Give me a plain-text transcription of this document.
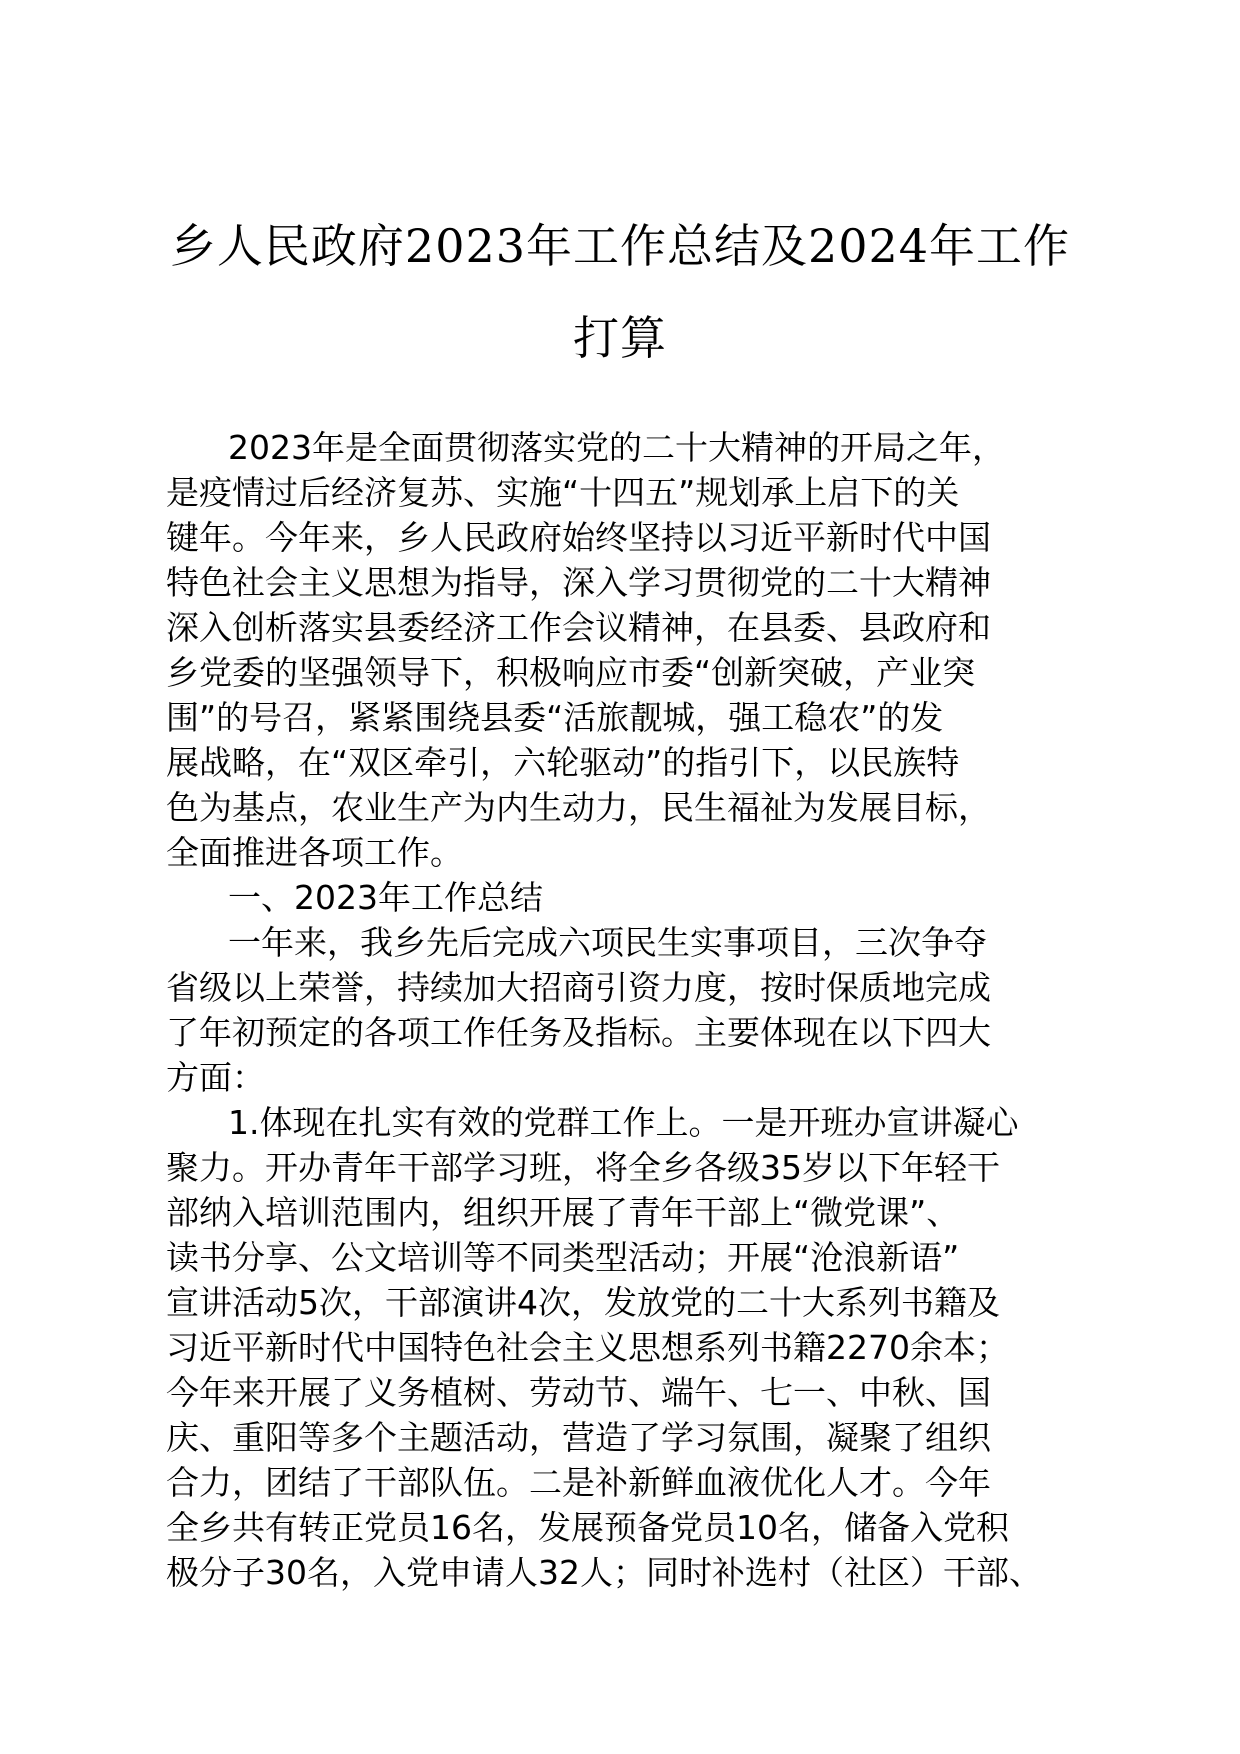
乡人民政府2023年工作总结及2024年工作
打算
2023年是全面贯彻落实党的二十大精神的开局之年，
是疫情过后经济复苏、实施“十四五”规划承上启下的关
键年。今年来，乡人民政府始终坚持以习近平新时代中国
特色社会主义思想为指导，深入学习贯彻党的二十大精神
深入创析落实县委经济工作会议精神，在县委、县政府和
乡党委的坚强领导下，积极响应市委“创新突破，产业突
围”的号召，紧紧围绕县委“活旅靓城，强工稳农”的发
展战略，在“双区牵引，六轮驱动”的指引下，以民族特
色为基点，农业生产为内生动力，民生福祉为发展目标，
全面推进各项工作。
一、2023年工作总结
一年来，我乡先后完成六项民生实事项目，三次争夺
省级以上荣誉，持续加大招商引资力度，按时保质地完成
了年初预定的各项工作任务及指标。主要体现在以下四大
方面：
1.体现在扎实有效的党群工作上。一是开班办宣讲凝心
聚力。开办青年干部学习班，将全乡各级35岁以下年轻干
部纳入培训范围内，组织开展了青年干部上“微党课”、
读书分享、公文培训等不同类型活动；开展“沧浪新语”
宣讲活动5次，干部演讲4次，发放党的二十大系列书籍及
习近平新时代中国特色社会主义思想系列书籍2270余本；
今年来开展了义务植树、劳动节、端午、七一、中秋、国
庆、重阳等多个主题活动，营造了学习氛围，凝聚了组织
合力，团结了干部队伍。二是补新鲜血液优化人才。今年
全乡共有转正党员16名，发展预备党员10名，储备入党积
极分子30名，入党申请人32人；同时补选村（社区）干部、
